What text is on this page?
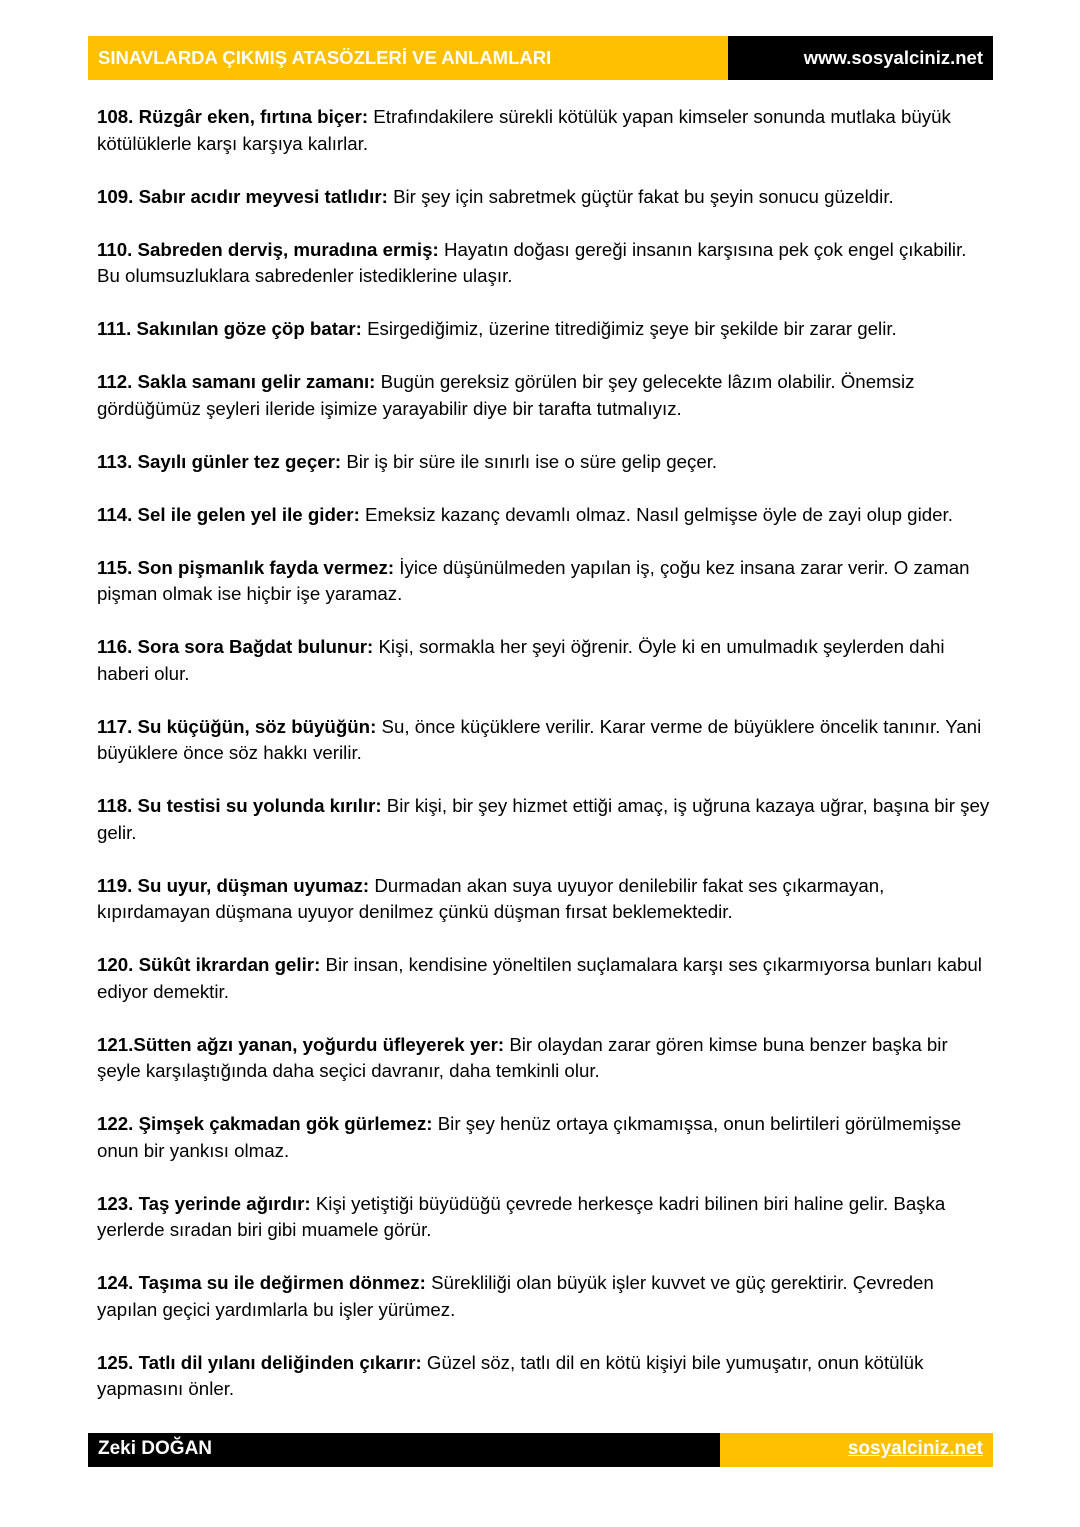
SINAVLARDA ÇIKMIŞ ATASÖZLERİ VE ANLAMLARI	www.sosyalciniz.net

108. Rüzgâr eken, fırtına biçer: Etrafındakilere sürekli kötülük yapan kimseler sonunda mutlaka büyük kötülüklerle karşı karşıya kalırlar.

109. Sabır acıdır meyvesi tatlıdır: Bir şey için sabretmek güçtür fakat bu şeyin sonucu güzeldir.

110. Sabreden derviş, muradına ermiş: Hayatın doğası gereği insanın karşısına pek çok engel çıkabilir. Bu olumsuzluklara sabredenler istediklerine ulaşır.

111. Sakınılan göze çöp batar: Esirgediğimiz, üzerine titrediğimiz şeye bir şekilde bir zarar gelir.

112. Sakla samanı gelir zamanı: Bugün gereksiz görülen bir şey gelecekte lâzım olabilir. Önemsiz gördüğümüz şeyleri ileride işimize yarayabilir diye bir tarafta tutmalıyız.

113. Sayılı günler tez geçer: Bir iş bir süre ile sınırlı ise o süre gelip geçer.

114. Sel ile gelen yel ile gider: Emeksiz kazanç devamlı olmaz. Nasıl gelmişse öyle de zayi olup gider.

115. Son pişmanlık fayda vermez: İyice düşünülmeden yapılan iş, çoğu kez insana zarar verir. O zaman pişman olmak ise hiçbir işe yaramaz.

116. Sora sora Bağdat bulunur: Kişi, sormakla her şeyi öğrenir. Öyle ki en umulmadık şeylerden dahi haberi olur.

117. Su küçüğün, söz büyüğün: Su, önce küçüklere verilir. Karar verme de büyüklere öncelik tanınır. Yani büyüklere önce söz hakkı verilir.

118. Su testisi su yolunda kırılır: Bir kişi, bir şey hizmet ettiği amaç, iş uğruna kazaya uğrar, başına bir şey gelir.

119. Su uyur, düşman uyumaz: Durmadan akan suya uyuyor denilebilir fakat ses çıkarmayan, kıpırdamayan düşmana uyuyor denilmez çünkü düşman fırsat beklemektedir.

120. Sükût ikrardan gelir: Bir insan, kendisine yöneltilen suçlamalara karşı ses çıkarmıyorsa bunları kabul ediyor demektir.

121.Sütten ağzı yanan, yoğurdu üfleyerek yer: Bir olaydan zarar gören kimse buna benzer başka bir şeyle karşılaştığında daha seçici davranır, daha temkinli olur.

122. Şimşek çakmadan gök gürlemez: Bir şey henüz ortaya çıkmamışsa, onun belirtileri görülmemişse onun bir yankısı olmaz.

123. Taş yerinde ağırdır: Kişi yetiştiği büyüdüğü çevrede herkesçe kadri bilinen biri haline gelir. Başka yerlerde sıradan biri gibi muamele görür.

124. Taşıma su ile değirmen dönmez: Sürekliliği olan büyük işler kuvvet ve güç gerektirir. Çevreden yapılan geçici yardımlarla bu işler yürümez.

125. Tatlı dil yılanı deliğinden çıkarır: Güzel söz, tatlı dil en kötü kişiyi bile yumuşatır, onun kötülük yapmasını önler.

Zeki DOĞAN	sosyalciniz.net
